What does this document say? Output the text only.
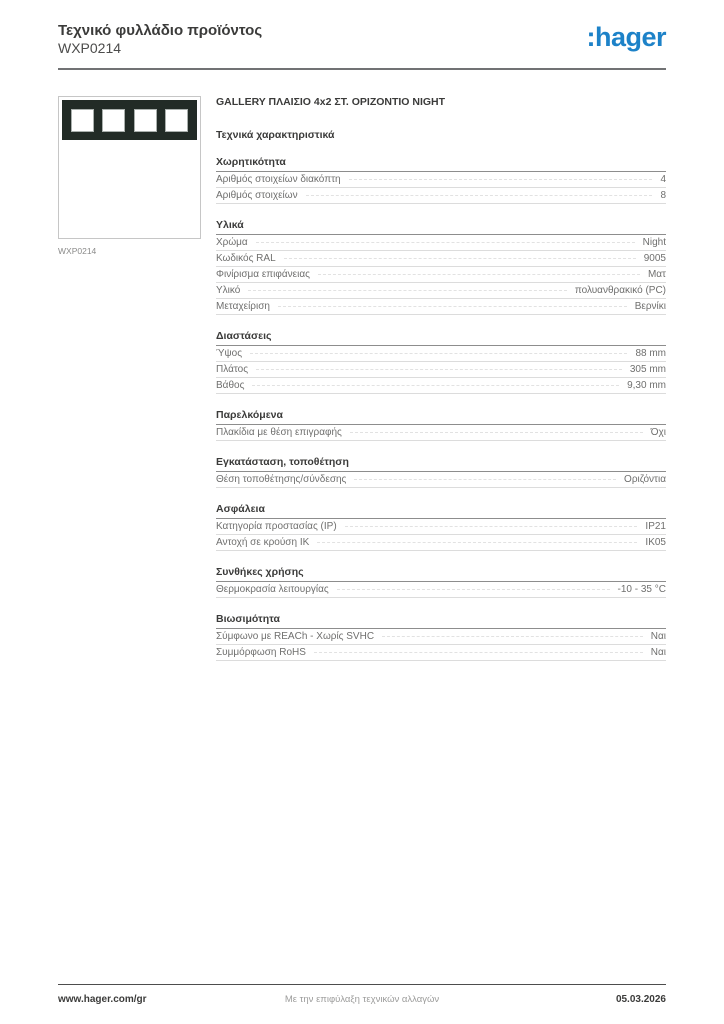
Τεχνικό φυλλάδιο προϊόντος
WXP0214	:hager
WXP0214
GALLERY ΠΛΑΙΣΙΟ 4x2 ΣΤ. ΟΡΙΖΟΝΤΙΟ NIGHT
Τεχνικά χαρακτηριστικά
Χωρητικότητα
Αριθμός στοιχείων διακόπτη	4
Αριθμός στοιχείων	8
Υλικά
Χρώμα	Night
Κωδικός RAL	9005
Φινίρισμα επιφάνειας	Ματ
Υλικό	πολυανθρακικό (PC)
Μεταχείριση	Βερνίκι
Διαστάσεις
Ύψος	88 mm
Πλάτος	305 mm
Βάθος	9,30 mm
Παρελκόμενα
Πλακίδια με θέση επιγραφής	Όχι
Εγκατάσταση, τοποθέτηση
Θέση τοποθέτησης/σύνδεσης	Οριζόντια
Ασφάλεια
Κατηγορία προστασίας (IP)	IP21
Αντοχή σε κρούση IK	IK05
Συνθήκες χρήσης
Θερμοκρασία λειτουργίας	-10 - 35 °C
Βιωσιμότητα
Σύμφωνο με REACh - Χωρίς SVHC	Ναι
Συμμόρφωση RoHS	Ναι
www.hager.com/gr	Με την επιφύλαξη τεχνικών αλλαγών	05.03.2026
